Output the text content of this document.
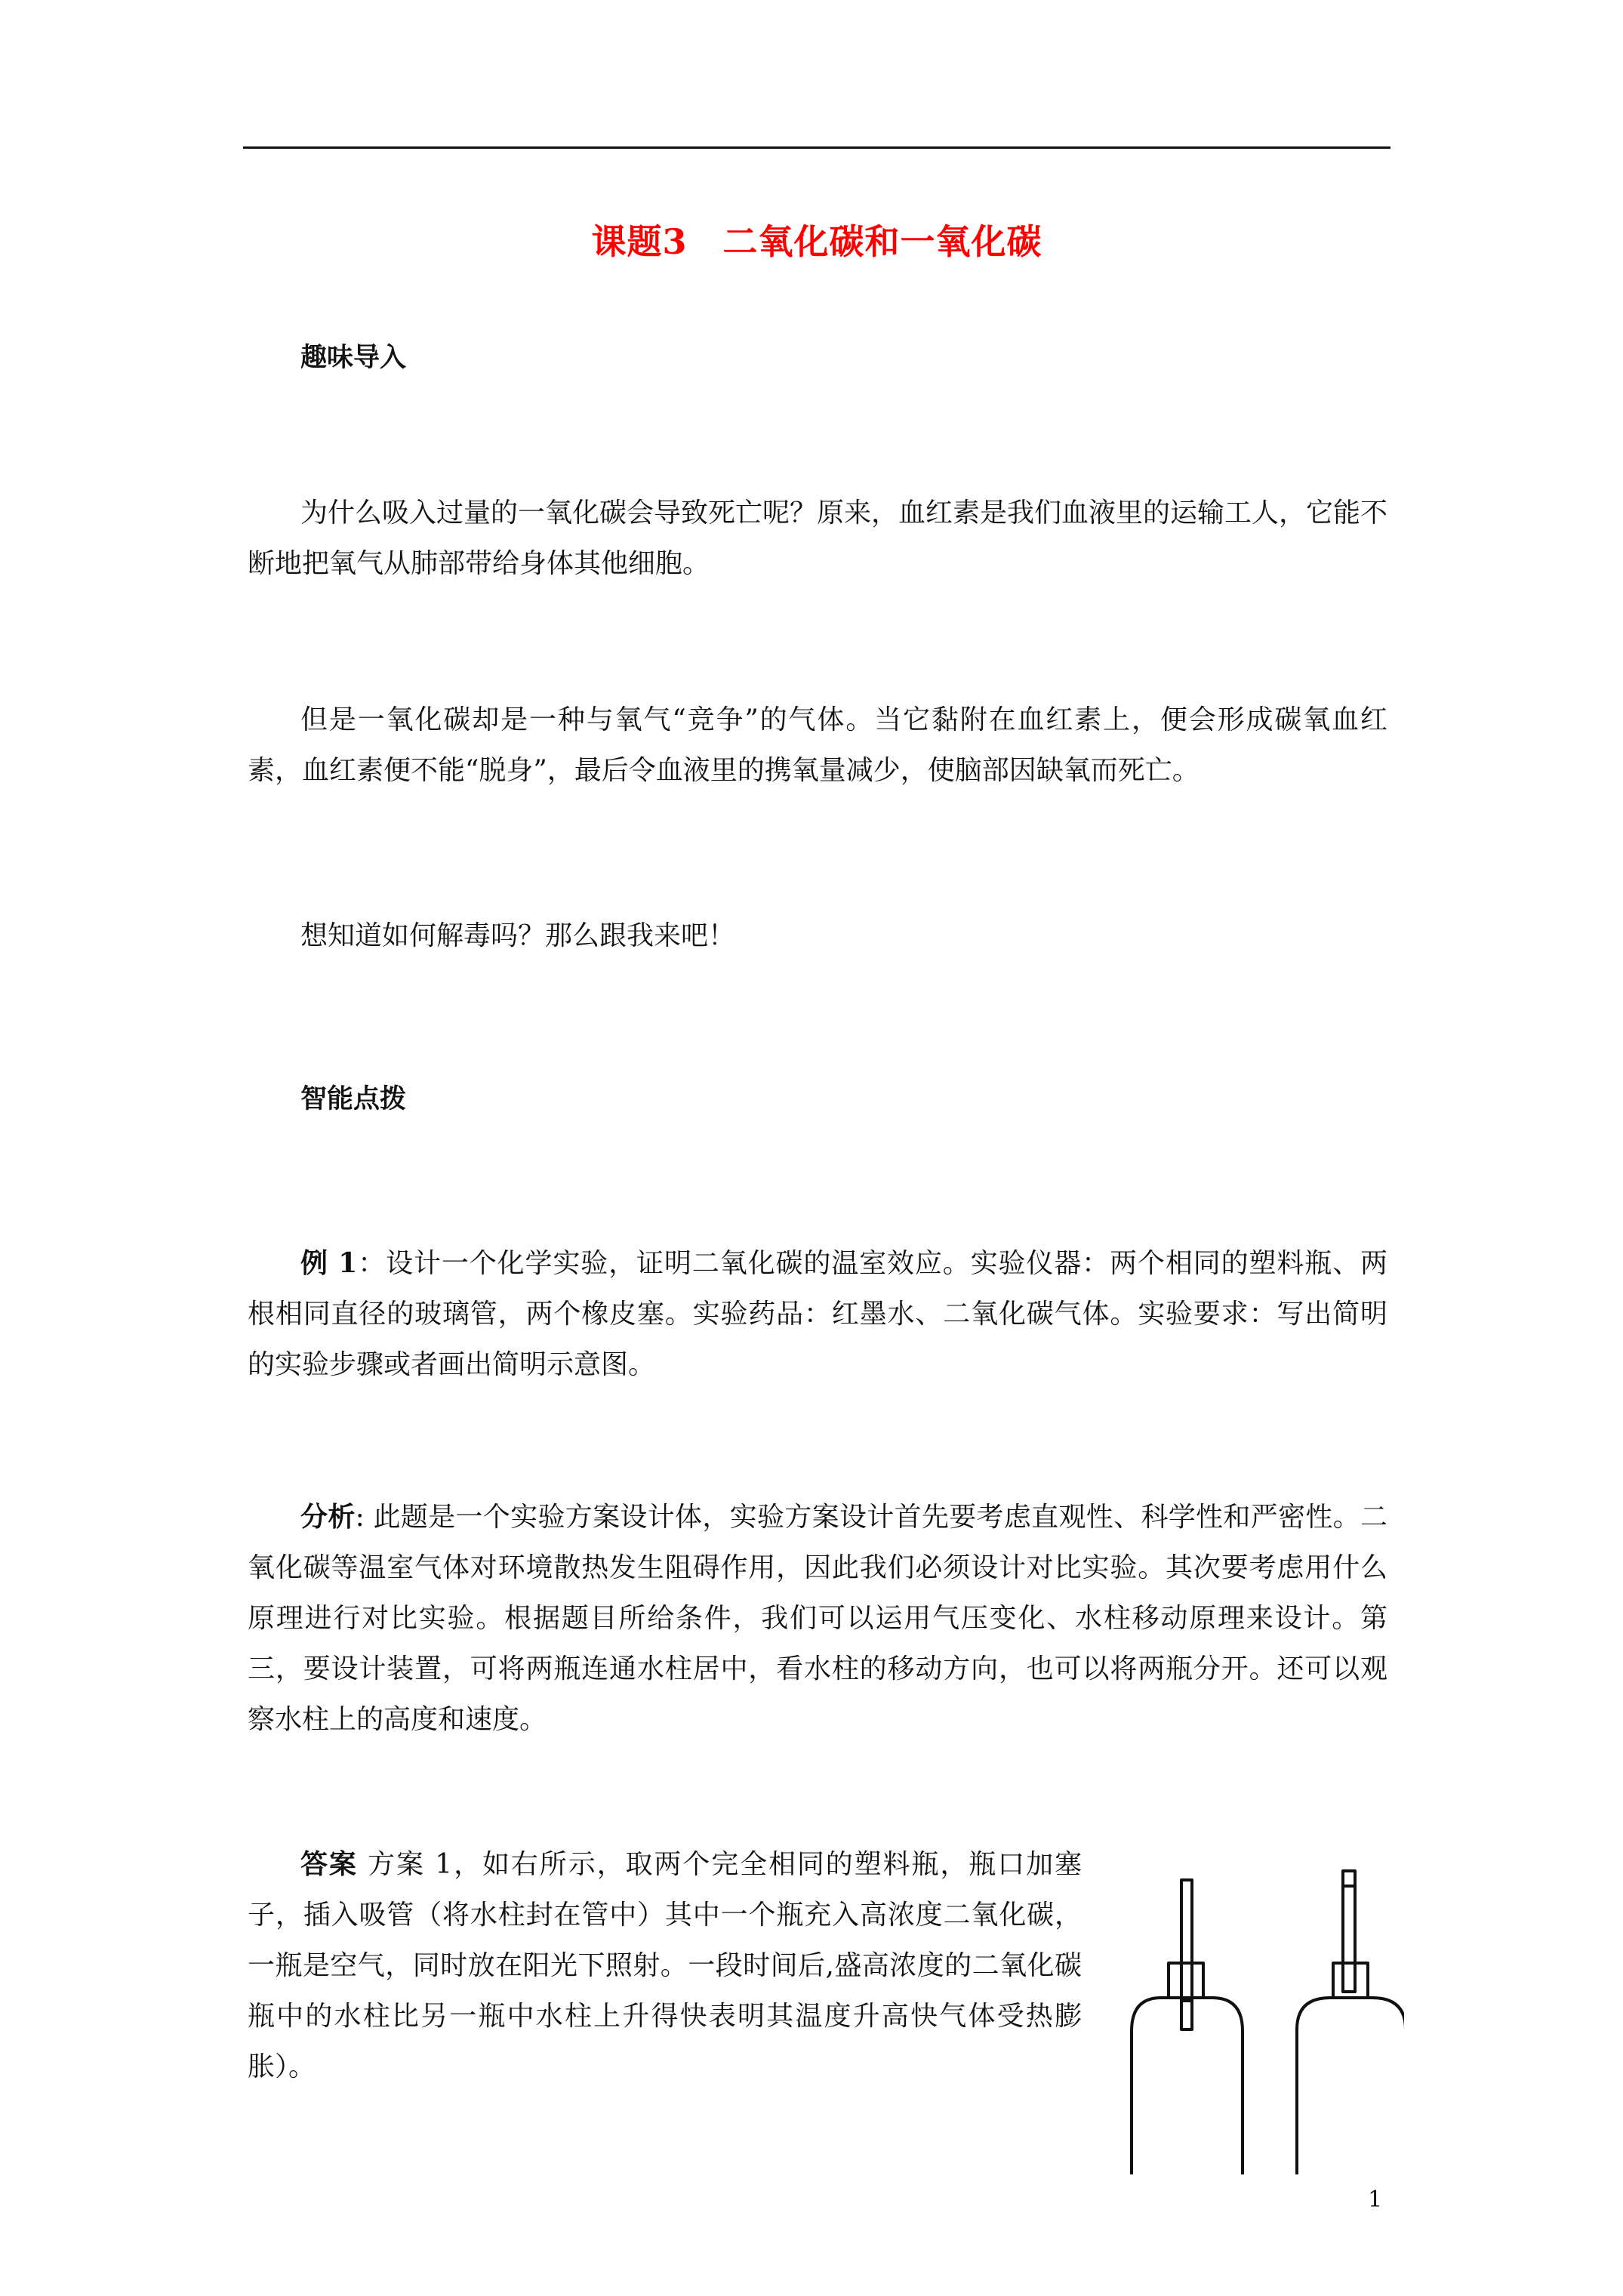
课题3　二氧化碳和一氧化碳
趣味导入
为什么吸入过量的一氧化碳会导致死亡呢？原来，血红素是我们血液里的运输工人，它能不断地把氧气从肺部带给身体其他细胞。
但是一氧化碳却是一种与氧气“竞争”的气体。当它黏附在血红素上，便会形成碳氧血红素，血红素便不能“脱身”，最后令血液里的携氧量减少，使脑部因缺氧而死亡。
想知道如何解毒吗？那么跟我来吧！
智能点拨
例 1：设计一个化学实验，证明二氧化碳的温室效应。实验仪器：两个相同的塑料瓶、两根相同直径的玻璃管，两个橡皮塞。实验药品：红墨水、二氧化碳气体。实验要求：写出简明的实验步骤或者画出简明示意图。
分析: 此题是一个实验方案设计体，实验方案设计首先要考虑直观性、科学性和严密性。二氧化碳等温室气体对环境散热发生阻碍作用，因此我们必须设计对比实验。其次要考虑用什么原理进行对比实验。根据题目所给条件，我们可以运用气压变化、水柱移动原理来设计。第三，要设计装置，可将两瓶连通水柱居中，看水柱的移动方向，也可以将两瓶分开。还可以观察水柱上的高度和速度。
答案 方案 1，如右所示，取两个完全相同的塑料瓶，瓶口加塞子，插入吸管（将水柱封在管中）其中一个瓶充入高浓度二氧化碳，一瓶是空气，同时放在阳光下照射。一段时间后,盛高浓度的二氧化碳瓶中的水柱比另一瓶中水柱上升得快表明其温度升高快气体受热膨胀）。
1
